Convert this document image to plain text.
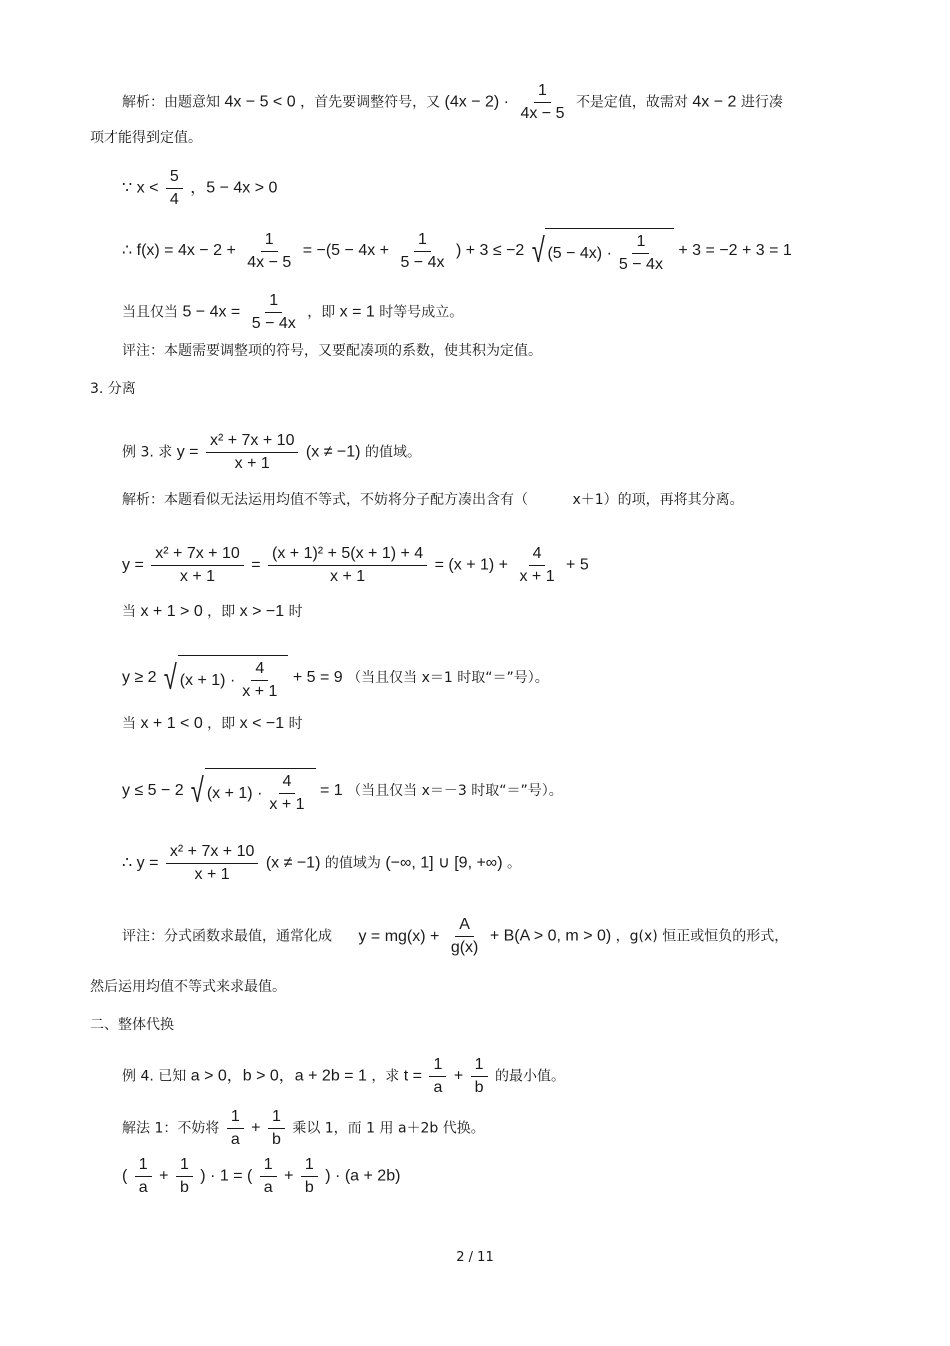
解析：由题意知 4x − 5 < 0 ，首先要调整符号，又 $(4x - 2) \cdot \frac{1}{4x - 5}$ 不是定值，故需对 4x − 2 进行凑
项才能得到定值。
∵ $x < \frac{5}{4}$ ，5 − 4x > 0
∴ $f(x) = 4x - 2 + \frac{1}{4x - 5} = -(5 - 4x + \frac{1}{5 - 4x}$ ) + 3 ≤ −2 √ $(5 - 4x) \cdot \frac{1}{5 - 4x} + 3 = -2 + 3 = 1$
当且仅当 $5 - 4x = \frac{1}{5 - 4x}$ ，即 x = 1 时等号成立。
评注：本题需要调整项的符号，又要配凑项的系数，使其积为定值。
3. 分离
例 3. 求 $y = \frac{\text{x² + 7x + 10}}{x + 1} (x \ne -1)$ 的值域。
解析：本题看似无法运用均值不等式，不妨将分子配方凑出含有（	x＋1）的项，再将其分离。
$y = \frac{\text{x² + 7x + 10}}{x + 1} = \frac{\text{(x + 1)² + 5(x + 1) + 4}}{x + 1} = (x + 1) + \frac{4}{x + 1} + 5$
当 x + 1 > 0 ，即 x > −1 时
y ≥ 2 √ $(x + 1) \cdot \frac{4}{x + 1} + 5 = 9$ （当且仅当 x＝1 时取“＝”号）。
当 x + 1 < 0 ，即 x < −1 时
y ≤ 5 − 2 √ $(x + 1) \cdot \frac{4}{x + 1} = 1$ （当且仅当 x＝－3 时取“＝”号）。
∴ $y = \frac{\text{x² + 7x + 10}}{x + 1} (x \ne -1)$ 的值域为 (−∞, 1] ∪ [9, +∞) 。
评注：分式函数求最值，通常化成 $y = mg(x) + \frac{A}{g(x)} + B(A > 0$, m > 0) ，g(x) 恒正或恒负的形式，
然后运用均值不等式来求最值。
二、整体代换
例 4. 已知 a > 0，b > 0，a + 2b = 1 ，求 $t = \frac{1}{a} + \frac{1}{b}$ 的最小值。
解法 1：不妨将 $\frac{1}{a} + \frac{1}{b}$ 乘以 1，而 1 用 a＋2b 代换。
( $\frac{1}{a} + \frac{1}{b}$ ) · 1 = ( $\frac{1}{a} + \frac{1}{b}$ ) · (a + 2b)
2 / 11
